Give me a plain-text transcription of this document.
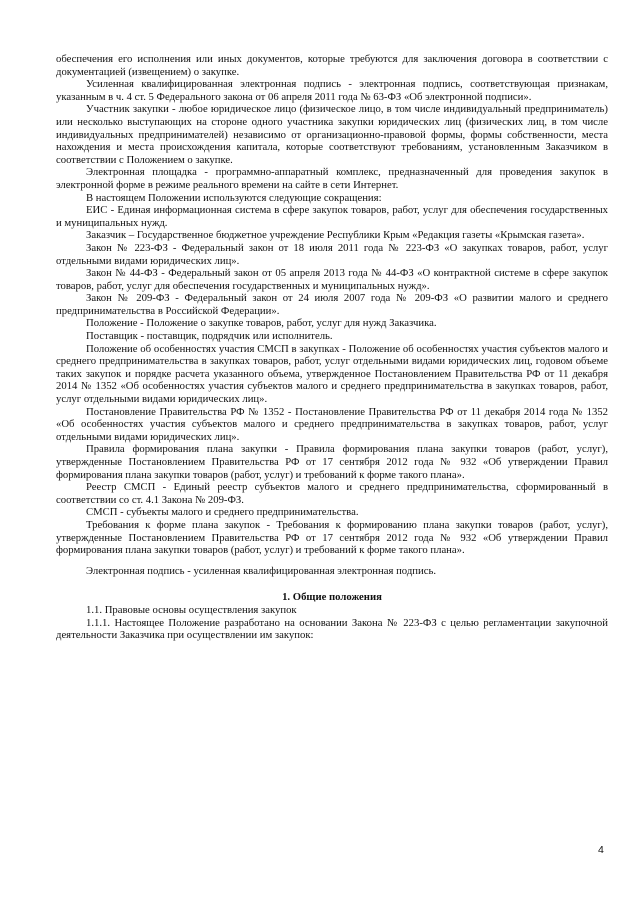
обеспечения его исполнения или иных документов, которые требуются для заключения договора в соответствии с документацией (извещением) о закупке.

Усиленная квалифицированная электронная подпись - электронная подпись, соответствующая признакам, указанным в ч. 4 ст. 5 Федерального закона от 06 апреля 2011 года № 63-ФЗ «Об электронной подписи».

Участник закупки - любое юридическое лицо (физическое лицо, в том числе индивидуальный предприниматель) или несколько выступающих на стороне одного участника закупки юридических лиц (физических лиц, в том числе индивидуальных предпринимателей) независимо от организационно-правовой формы, формы собственности, места нахождения и места происхождения капитала, которые соответствуют требованиям, установленным Заказчиком в соответствии с Положением о закупке.

Электронная площадка - программно-аппаратный комплекс, предназначенный для проведения закупок в электронной форме в режиме реального времени на сайте в сети Интернет.

В настоящем Положении используются следующие сокращения:

ЕИС - Единая информационная система в сфере закупок товаров, работ, услуг для обеспечения государственных и муниципальных нужд.

Заказчик – Государственное бюджетное учреждение Республики Крым «Редакция газеты «Крымская газета».

Закон № 223-ФЗ - Федеральный закон от 18 июля 2011 года № 223-ФЗ «О закупках товаров, работ, услуг отдельными видами юридических лиц».

Закон № 44-ФЗ - Федеральный закон от 05 апреля 2013 года № 44-ФЗ «О контрактной системе в сфере закупок товаров, работ, услуг для обеспечения государственных и муниципальных нужд».

Закон № 209-ФЗ - Федеральный закон от 24 июля 2007 года № 209-ФЗ «О развитии малого и среднего предпринимательства в Российской Федерации».

Положение - Положение о закупке товаров, работ, услуг для нужд Заказчика.

Поставщик - поставщик, подрядчик или исполнитель.

Положение об особенностях участия СМСП в закупках - Положение об особенностях участия субъектов малого и среднего предпринимательства в закупках товаров, работ, услуг отдельными видами юридических лиц, годовом объеме таких закупок и порядке расчета указанного объема, утвержденное Постановлением Правительства РФ от 11 декабря 2014 № 1352 «Об особенностях участия субъектов малого и среднего предпринимательства в закупках товаров, работ, услуг отдельными видами юридических лиц».

Постановление Правительства РФ № 1352 - Постановление Правительства РФ от 11 декабря 2014 года № 1352 «Об особенностях участия субъектов малого и среднего предпринимательства в закупках товаров, работ, услуг отдельными видами юридических лиц».

Правила формирования плана закупки - Правила формирования плана закупки товаров (работ, услуг), утвержденные Постановлением Правительства РФ от 17 сентября 2012 года № 932 «Об утверждении Правил формирования плана закупки товаров (работ, услуг) и требований к форме такого плана».

Реестр СМСП - Единый реестр субъектов малого и среднего предпринимательства, сформированный в соответствии со ст. 4.1 Закона № 209-ФЗ.

СМСП - субъекты малого и среднего предпринимательства.

Требования к форме плана закупок - Требования к формированию плана закупки товаров (работ, услуг), утвержденные Постановлением Правительства РФ от 17 сентября 2012 года № 932 «Об утверждении Правил формирования плана закупки товаров (работ, услуг) и требований к форме такого плана».

Электронная подпись - усиленная квалифицированная электронная подпись.

1. Общие положения

1.1. Правовые основы осуществления закупок

1.1.1. Настоящее Положение разработано на основании Закона № 223-ФЗ с целью регламентации закупочной деятельности Заказчика при осуществлении им закупок:

4
